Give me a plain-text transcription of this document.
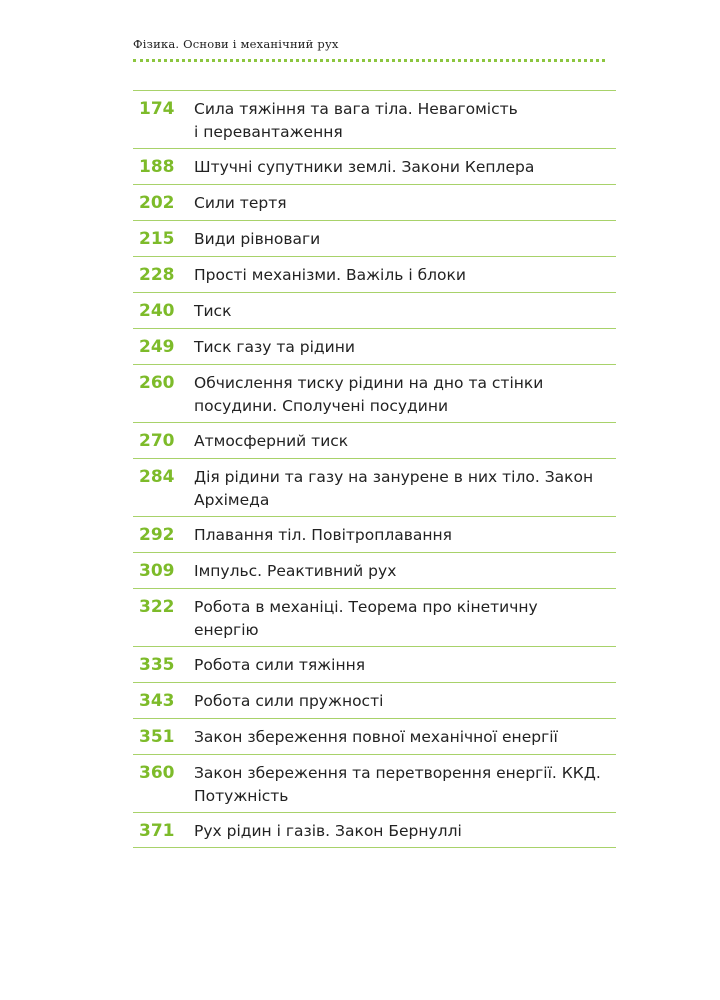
Фізика. Основи і механічний рух
174	Сила тяжіння та вага тіла. Невагомість
і перевантаження
188	Штучні супутники землі. Закони Кеплера
202	Сили тертя
215	Види рівноваги
228	Прості механізми. Важіль і блоки
240	Тиск
249	Тиск газу та рідини
260	Обчислення тиску рідини на дно та стінки
посудини. Сполучені посудини
270	Атмосферний тиск
284	Дія рідини та газу на занурене в них тіло. Закон
Архімеда
292	Плавання тіл. Повітроплавання
309	Імпульс. Реактивний рух
322	Робота в механіці. Теорема про кінетичну
енергію
335	Робота сили тяжіння
343	Робота сили пружності
351	Закон збереження повної механічної енергії
360	Закон збереження та перетворення енергії. ККД.
Потужність
371	Рух рідин і газів. Закон Бернуллі
